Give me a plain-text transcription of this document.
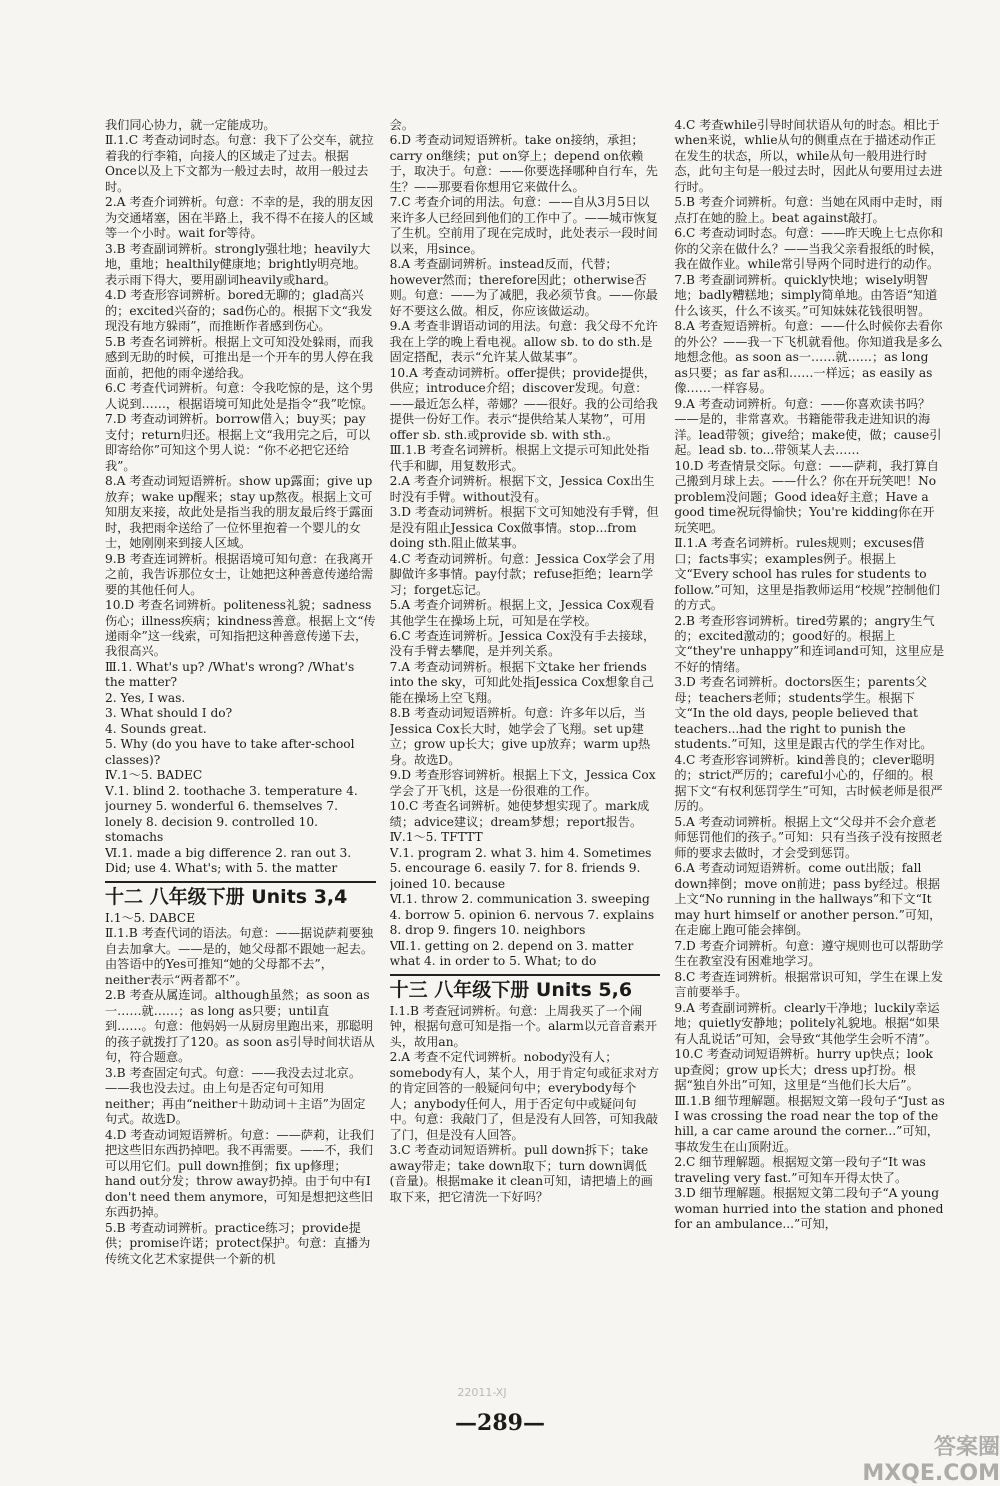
我们同心协力，就一定能成功。

Ⅱ.1.C 考查动词时态。句意：我下了公交车，就拉着我的行李箱，向接人的区域走了过去。根据Once以及上下文都为一般过去时，故用一般过去时。

2.A 考查介词辨析。句意：不幸的是，我的朋友因为交通堵塞，困在半路上，我不得不在接人的区域等一个小时。wait for等待。

3.B 考查副词辨析。strongly强壮地；heavily大地，重地；healthily健康地；brightly明亮地。表示雨下得大，要用副词heavily或hard。

4.D 考查形容词辨析。bored无聊的；glad高兴的；excited兴奋的；sad伤心的。根据下文“我发现没有地方躲雨”，而推断作者感到伤心。

5.B 考查名词辨析。根据上文可知没处躲雨，而我感到无助的时候，可推出是一个开车的男人停在我面前，把他的雨伞递给我。

6.C 考查代词辨析。句意：令我吃惊的是，这个男人说到……，根据语境可知此处是指令“我”吃惊。

7.D 考查动词辨析。borrow借入；buy买；pay支付；return归还。根据上文“我用完之后，可以即寄给你”可知这个男人说：“你不必把它还给我”。

8.A 考查动词短语辨析。show up露面；give up放弃；wake up醒来；stay up熬夜。根据上文可知朋友来接，故此处是指当我的朋友最后终于露面时，我把雨伞送给了一位怀里抱着一个婴儿的女士，她刚刚来到接人区域。

9.B 考查连词辨析。根据语境可知句意：在我离开之前，我告诉那位女士，让她把这种善意传递给需要的其他任何人。

10.D 考查名词辨析。politeness礼貌；sadness伤心；illness疾病；kindness善意。根据上文“传递雨伞”这一线索，可知指把这种善意传递下去，我很高兴。

Ⅲ.1. What's up? /What's wrong? /What's the matter?

2. Yes, I was.

3. What should I do?

4. Sounds great.

5. Why (do you have to take after-school classes)?

Ⅳ.1～5. BADEC

Ⅴ.1. blind 2. toothache 3. temperature 4. journey 5. wonderful 6. themselves 7. lonely 8. decision 9. controlled 10. stomachs

Ⅵ.1. made a big difference 2. ran out 3. Did; use 4. What's; with 5. the matter

十二 八年级下册 Units 3,4

Ⅰ.1～5. DABCE

Ⅱ.1.B 考查代词的语法。句意：——据说萨莉要独自去加拿大。——是的，她父母都不跟她一起去。由答语中的Yes可推知“她的父母都不去”，neither表示“两者都不”。

2.B 考查从属连词。although虽然；as soon as一……就……；as long as只要；until直到……。句意：他妈妈一从厨房里跑出来，那聪明的孩子就拨打了120。as soon as引导时间状语从句，符合题意。

3.B 考查固定句式。句意：——我没去过北京。——我也没去过。由上句是否定句可知用neither；再由“neither＋助动词＋主语”为固定句式。故选D。

4.D 考查动词短语辨析。句意：——萨莉，让我们把这些旧东西扔掉吧。我不再需要。——不，我们可以用它们。pull down推倒；fix up修理；hand out分发；throw away扔掉。由于句中有I don't need them anymore，可知是想把这些旧东西扔掉。

5.B 考查动词辨析。practice练习；provide提供；promise许诺；protect保护。句意：直播为传统文化艺术家提供一个新的机

会。

6.D 考查动词短语辨析。take on接纳，承担；carry on继续；put on穿上；depend on依赖于，取决于。句意：——你要选择哪种自行车，先生？——那要看你想用它来做什么。

7.C 考查介词的用法。句意：——自从3月5日以来许多人已经回到他们的工作中了。——城市恢复了生机。空前用了现在完成时，此处表示一段时间以来，用since。

8.A 考查副词辨析。instead反而，代替；however然而；therefore因此；otherwise否则。句意：——为了减肥，我必须节食。——你最好不要这么做。相反，你应该做运动。

9.A 考查非谓语动词的用法。句意：我父母不允许我在上学的晚上看电视。allow sb. to do sth.是固定搭配，表示“允许某人做某事”。

10.A 考查动词辨析。offer提供；provide提供，供应；introduce介绍；discover发现。句意：——最近怎么样，蒂娜？——很好。我的公司给我提供一份好工作。表示“提供给某人某物”，可用offer sb. sth.或provide sb. with sth.。

Ⅲ.1.B 考查名词辨析。根据上文提示可知此处指代手和脚，用复数形式。

2.A 考查介词辨析。根据下文，Jessica Cox出生时没有手臂。without没有。

3.D 考查动词辨析。根据下文可知她没有手臂，但是没有阻止Jessica Cox做事情。stop...from doing sth.阻止做某事。

4.C 考查动词辨析。句意：Jessica Cox学会了用脚做许多事情。pay付款；refuse拒绝；learn学习；forget忘记。

5.A 考查介词辨析。根据上文，Jessica Cox观看其他学生在操场上玩，可知是在学校。

6.C 考查连词辨析。Jessica Cox没有手去接球，没有手臂去攀爬，是并列关系。

7.A 考查动词辨析。根据下文take her friends into the sky，可知此处指Jessica Cox想象自己能在操场上空飞翔。

8.B 考查动词短语辨析。句意：许多年以后，当Jessica Cox长大时，她学会了飞翔。set up建立；grow up长大；give up放弃；warm up热身。故选D。

9.D 考查形容词辨析。根据上下文，Jessica Cox学会了开飞机，这是一份很难的工作。

10.C 考查名词辨析。她使梦想实现了。mark成绩；advice建议；dream梦想；report报告。

Ⅳ.1～5. TFTTT

Ⅴ.1. program 2. what 3. him 4. Sometimes 5. encourage 6. easily 7. for 8. friends 9. joined 10. because

Ⅵ.1. throw 2. communication 3. sweeping 4. borrow 5. opinion 6. nervous 7. explains 8. drop 9. fingers 10. neighbors

Ⅶ.1. getting on 2. depend on 3. matter what 4. in order to 5. What; to do

十三 八年级下册 Units 5,6

Ⅰ.1.B 考查冠词辨析。句意：上周我买了一个闹钟，根据句意可知是指一个。alarm以元音音素开头，故用an。

2.A 考查不定代词辨析。nobody没有人；somebody有人，某个人，用于肯定句或征求对方的肯定回答的一般疑问句中；everybody每个人；anybody任何人，用于否定句中或疑问句中。句意：我敲门了，但是没有人回答，可知我敲了门，但是没有人回答。

3.C 考查动词短语辨析。pull down拆下；take away带走；take down取下；turn down调低(音量)。根据make it clean可知，请把墙上的画取下来，把它清洗一下好吗？

4.C 考查while引导时间状语从句的时态。相比于when来说，whlie从句的侧重点在于描述动作正在发生的状态，所以，while从句一般用进行时态，此句主句是一般过去时，因此从句要用过去进行时。

5.B 考查介词辨析。句意：当她在风雨中走时，雨点打在她的脸上。beat against敲打。

6.C 考查动词时态。句意：——昨天晚上七点你和你的父亲在做什么？——当我父亲看报纸的时候，我在做作业。while常引导两个同时进行的动作。

7.B 考查副词辨析。quickly快地；wisely明智地；badly糟糕地；simply简单地。由答语“知道什么该买，什么不该买。”可知妹妹花钱很明智。

8.A 考查短语辨析。句意：——什么时候你去看你的外公？——我一下飞机就看他。你知道我是多么地想念他。as soon as一……就……；as long as只要；as far as和……一样远；as easily as像……一样容易。

9.A 考查动词辨析。句意：——你喜欢读书吗？——是的，非常喜欢。书籍能带我走进知识的海洋。lead带领；give给；make使，做；cause引起。lead sb. to...带领某人去……

10.D 考查情景交际。句意：——萨莉，我打算自己搬到月球上去。——什么？你在开玩笑吧！No problem没问题；Good idea好主意；Have a good time祝玩得愉快；You're kidding你在开玩笑吧。

Ⅱ.1.A 考查名词辨析。rules规则；excuses借口；facts事实；examples例子。根据上文“Every school has rules for students to follow.”可知，这里是指教师运用“校规”控制他们的方式。

2.B 考查形容词辨析。tired劳累的；angry生气的；excited激动的；good好的。根据上文“they're unhappy”和连词and可知，这里应是不好的情绪。

3.D 考查名词辨析。doctors医生；parents父母；teachers老师；students学生。根据下文“In the old days, people believed that teachers...had the right to punish the students.”可知，这里是跟古代的学生作对比。

4.C 考查形容词辨析。kind善良的；clever聪明的；strict严厉的；careful小心的，仔细的。根据下文“有权利惩罚学生”可知，古时候老师是很严厉的。

5.A 考查动词辨析。根据上文“父母并不会介意老师惩罚他们的孩子。”可知：只有当孩子没有按照老师的要求去做时，才会受到惩罚。

6.A 考查动词短语辨析。come out出版；fall down摔倒；move on前进；pass by经过。根据上文“No running in the hallways”和下文“It may hurt himself or another person.”可知，在走廊上跑可能会摔倒。

7.D 考查介词辨析。句意：遵守规则也可以帮助学生在教室没有困难地学习。

8.C 考查连词辨析。根据常识可知，学生在课上发言前要举手。

9.A 考查副词辨析。clearly干净地；luckily幸运地；quietly安静地；politely礼貌地。根据“如果有人乱说话”可知，会导致“其他学生会听不清”。

10.C 考查动词短语辨析。hurry up快点；look up查阅；grow up长大；dress up打扮。根据“独自外出”可知，这里是“当他们长大后”。

Ⅲ.1.B 细节理解题。根据短文第一段句子“Just as I was crossing the road near the top of the hill, a car came around the corner...”可知，事故发生在山顶附近。

2.C 细节理解题。根据短文第一段句子“It was traveling very fast.”可知车开得太快了。

3.D 细节理解题。根据短文第二段句子“A young woman hurried into the station and phoned for an ambulance...”可知，

22011-XJ
—289—
答案圈 MXQE.COM
